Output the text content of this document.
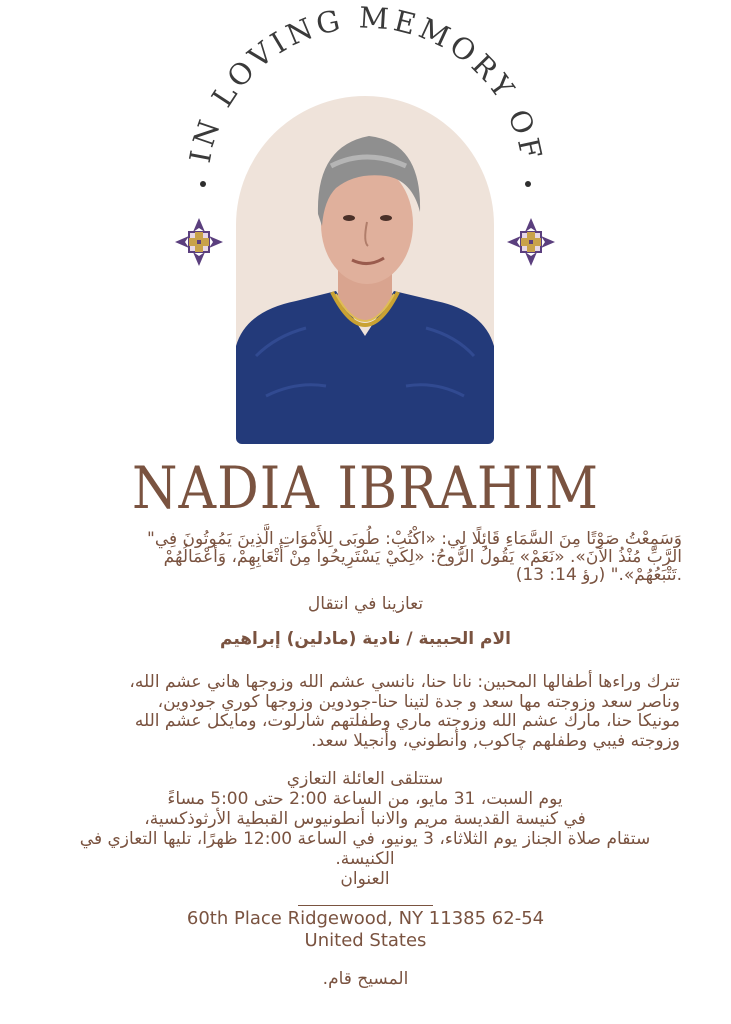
IN LOVING MEMORY OF
NADIA IBRAHIM
وَسَمِعْتُ صَوْتًا مِنَ السَّمَاءِ قَائِلًا لِي: «اكْتُبْ: طُوبَى لِلأَمْوَاتِ الَّذِينَ يَمُوتُونَ فِي"
الرَّبِّ مُنْذُ الآنَ». «نَعَمْ» يَقُولُ الرُّوحُ: «لِكَيْ يَسْتَرِيحُوا مِنْ أَتْعَابِهِمْ، وَأَعْمَالُهُمْ
.تَتْبَعُهُمْ»." (رؤ 14: 13)
تعازينا في انتقال
الام الحبيبة / نادية (مادلين) إبراهيم
تترك وراءها أطفالها المحبين: نانا حنا، نانسي عشم الله وزوجها هاني عشم الله،
وناصر سعد وزوجته مها سعد و جدة لتينا حنا-جودوين وزوجها كوري جودوين،
مونيكا حنا، مارك عشم الله وزوجته ماري وطفلتهم شارلوت، ومايكل عشم الله
وزوجته فيبي وطفلهم چاكوب, وأنطوني، وأنجيلا سعد.
ستتلقى العائلة التعازي
يوم السبت، 31 مايو، من الساعة 2:00 حتى 5:00 مساءً
في كنيسة القديسة مريم والانبا أنطونيوس القبطية الأرثوذكسية،
ستقام صلاة الجناز يوم الثلاثاء، 3 يونيو، في الساعة 12:00 ظهرًا، تليها التعازي في
الكنيسة.
العنوان
60th Place Ridgewood, NY 11385 62-54
United States
المسيح قام.
